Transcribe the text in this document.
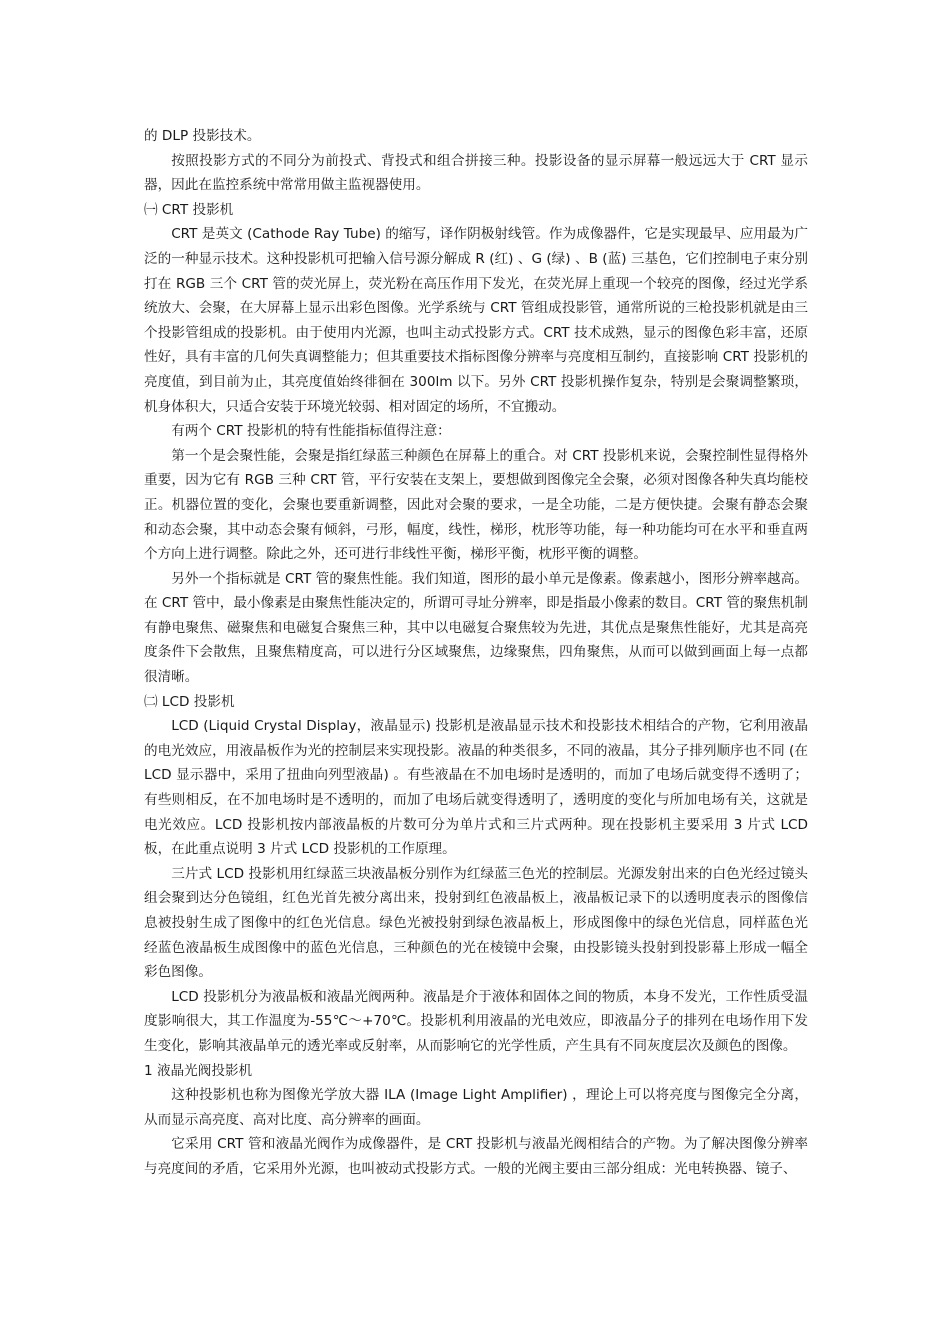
的 DLP 投影技术。

按照投影方式的不同分为前投式、背投式和组合拼接三种。投影设备的显示屏幕一般远远大于 CRT 显示器，因此在监控系统中常常用做主监视器使用。

㈠ CRT 投影机

CRT 是英文 (Cathode Ray Tube) 的缩写，译作阴极射线管。作为成像器件，它是实现最早、应用最为广泛的一种显示技术。这种投影机可把输入信号源分解成 R (红) 、G (绿) 、B (蓝) 三基色，它们控制电子束分别打在 RGB 三个 CRT 管的荧光屏上，荧光粉在高压作用下发光，在荧光屏上重现一个较亮的图像，经过光学系统放大、会聚，在大屏幕上显示出彩色图像。光学系统与 CRT 管组成投影管，通常所说的三枪投影机就是由三个投影管组成的投影机。由于使用内光源，也叫主动式投影方式。CRT 技术成熟，显示的图像色彩丰富，还原性好，具有丰富的几何失真调整能力；但其重要技术指标图像分辨率与亮度相互制约，直接影响 CRT 投影机的亮度值，到目前为止，其亮度值始终徘徊在 300lm 以下。另外 CRT 投影机操作复杂，特别是会聚调整繁琐，机身体积大，只适合安装于环境光较弱、相对固定的场所，不宜搬动。

有两个 CRT 投影机的特有性能指标值得注意：

第一个是会聚性能，会聚是指红绿蓝三种颜色在屏幕上的重合。对 CRT 投影机来说，会聚控制性显得格外重要，因为它有 RGB 三种 CRT 管，平行安装在支架上，要想做到图像完全会聚，必须对图像各种失真均能校正。机器位置的变化，会聚也要重新调整，因此对会聚的要求，一是全功能，二是方便快捷。会聚有静态会聚和动态会聚，其中动态会聚有倾斜，弓形，幅度，线性，梯形，枕形等功能，每一种功能均可在水平和垂直两个方向上进行调整。除此之外，还可进行非线性平衡，梯形平衡，枕形平衡的调整。

另外一个指标就是 CRT 管的聚焦性能。我们知道，图形的最小单元是像素。像素越小，图形分辨率越高。在 CRT 管中，最小像素是由聚焦性能决定的，所谓可寻址分辨率，即是指最小像素的数目。CRT 管的聚焦机制有静电聚焦、磁聚焦和电磁复合聚焦三种，其中以电磁复合聚焦较为先进，其优点是聚焦性能好，尤其是高亮度条件下会散焦，且聚焦精度高，可以进行分区域聚焦，边缘聚焦，四角聚焦，从而可以做到画面上每一点都很清晰。

㈡ LCD 投影机

LCD (Liquid Crystal Display，液晶显示) 投影机是液晶显示技术和投影技术相结合的产物，它利用液晶的电光效应，用液晶板作为光的控制层来实现投影。液晶的种类很多，不同的液晶，其分子排列顺序也不同 (在 LCD 显示器中，采用了扭曲向列型液晶) 。有些液晶在不加电场时是透明的，而加了电场后就变得不透明了；有些则相反，在不加电场时是不透明的，而加了电场后就变得透明了，透明度的变化与所加电场有关，这就是电光效应。LCD 投影机按内部液晶板的片数可分为单片式和三片式两种。现在投影机主要采用 3 片式 LCD 板，在此重点说明 3 片式 LCD 投影机的工作原理。

三片式 LCD 投影机用红绿蓝三块液晶板分别作为红绿蓝三色光的控制层。光源发射出来的白色光经过镜头组会聚到达分色镜组，红色光首先被分离出来，投射到红色液晶板上，液晶板记录下的以透明度表示的图像信息被投射生成了图像中的红色光信息。绿色光被投射到绿色液晶板上，形成图像中的绿色光信息，同样蓝色光经蓝色液晶板生成图像中的蓝色光信息，三种颜色的光在棱镜中会聚，由投影镜头投射到投影幕上形成一幅全彩色图像。

LCD 投影机分为液晶板和液晶光阀两种。液晶是介于液体和固体之间的物质，本身不发光，工作性质受温度影响很大，其工作温度为-55℃～+70℃。投影机利用液晶的光电效应，即液晶分子的排列在电场作用下发生变化，影响其液晶单元的透光率或反射率，从而影响它的光学性质，产生具有不同灰度层次及颜色的图像。

1 液晶光阀投影机

这种投影机也称为图像光学放大器 ILA (Image Light Amplifier) ，理论上可以将亮度与图像完全分离，从而显示高亮度、高对比度、高分辨率的画面。

它采用 CRT 管和液晶光阀作为成像器件，是 CRT 投影机与液晶光阀相结合的产物。为了解决图像分辨率与亮度间的矛盾，它采用外光源，也叫被动式投影方式。一般的光阀主要由三部分组成：光电转换器、镜子、
